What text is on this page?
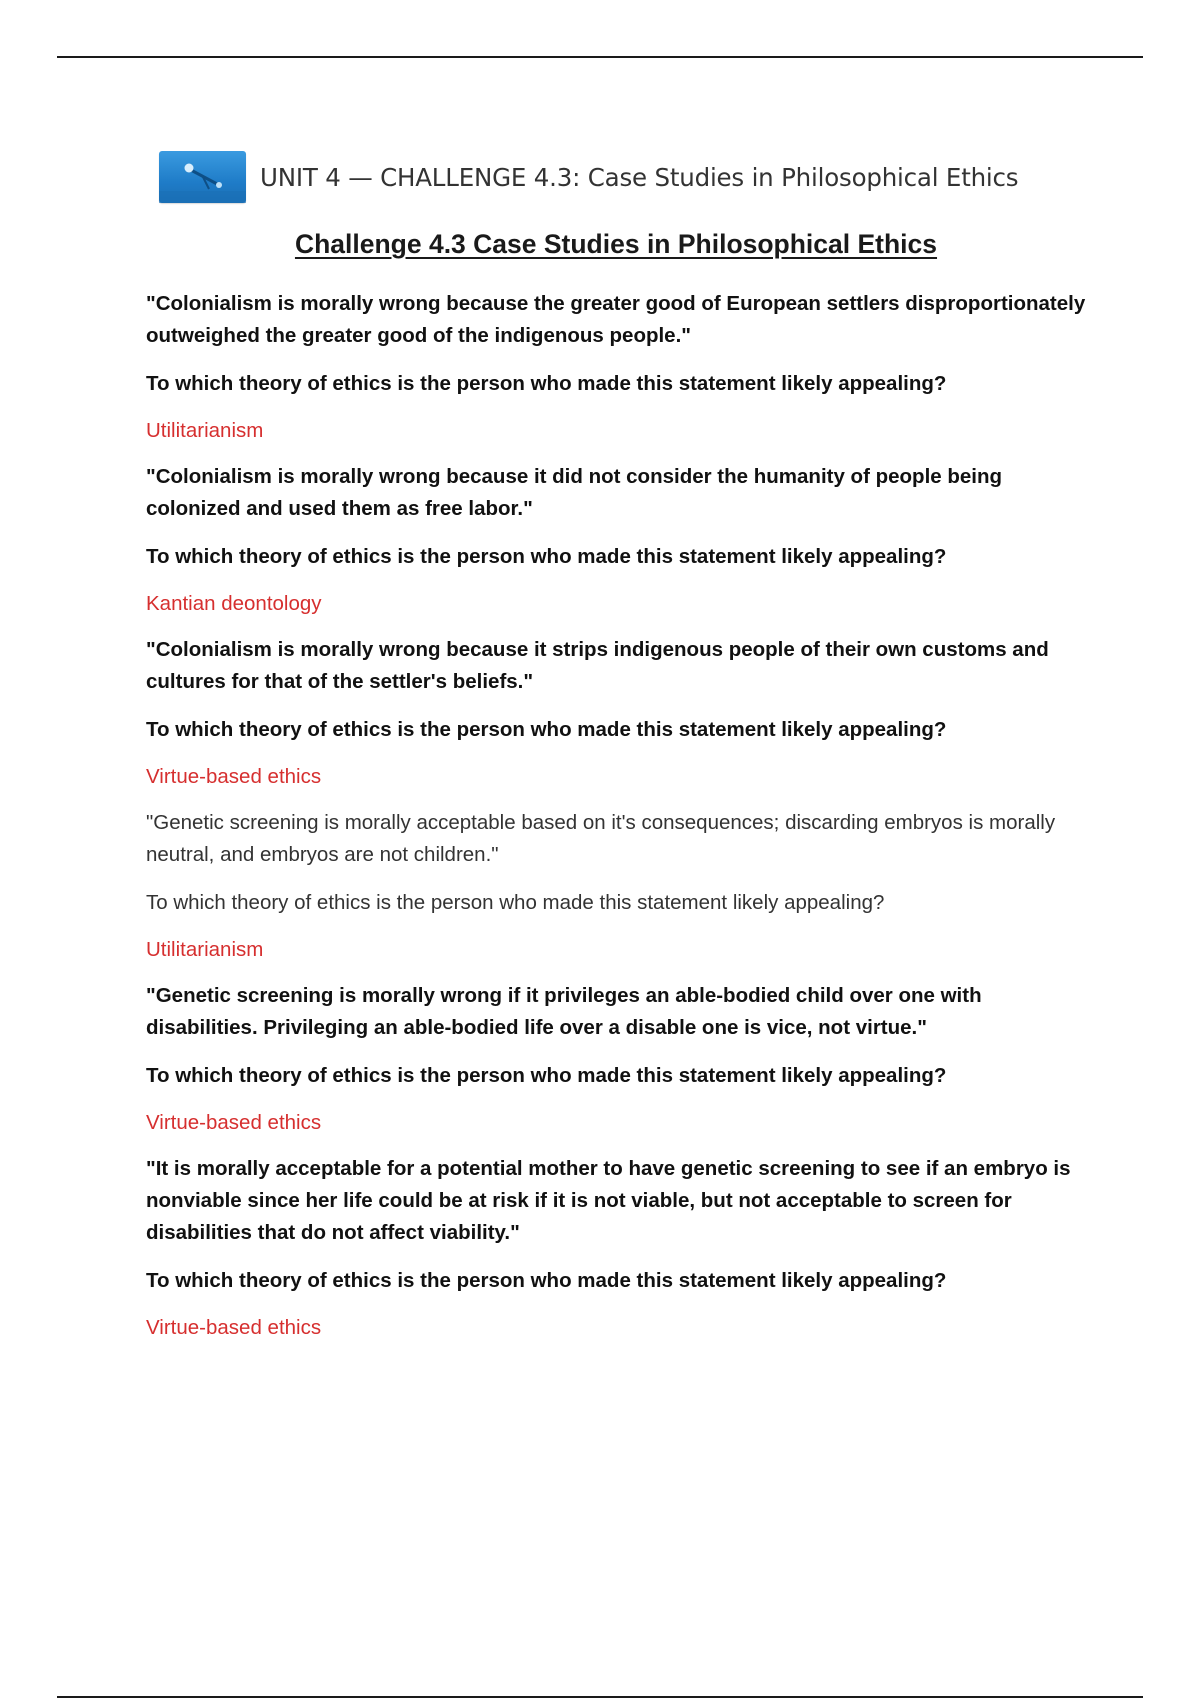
UNIT 4 — CHALLENGE 4.3: Case Studies in Philosophical Ethics
Challenge 4.3 Case Studies in Philosophical Ethics
"Colonialism is morally wrong because the greater good of European settlers disproportionately outweighed the greater good of the indigenous people."
To which theory of ethics is the person who made this statement likely appealing?
Utilitarianism
"Colonialism is morally wrong because it did not consider the humanity of people being colonized and used them as free labor."
To which theory of ethics is the person who made this statement likely appealing?
Kantian deontology
"Colonialism is morally wrong because it strips indigenous people of their own customs and cultures for that of the settler's beliefs."
To which theory of ethics is the person who made this statement likely appealing?
Virtue-based ethics
"Genetic screening is morally acceptable based on it's consequences; discarding embryos is morally neutral, and embryos are not children."
To which theory of ethics is the person who made this statement likely appealing?
Utilitarianism
"Genetic screening is morally wrong if it privileges an able-bodied child over one with disabilities. Privileging an able-bodied life over a disable one is vice, not virtue."
To which theory of ethics is the person who made this statement likely appealing?
Virtue-based ethics
"It is morally acceptable for a potential mother to have genetic screening to see if an embryo is nonviable since her life could be at risk if it is not viable, but not acceptable to screen for disabilities that do not affect viability."
To which theory of ethics is the person who made this statement likely appealing?
Virtue-based ethics
